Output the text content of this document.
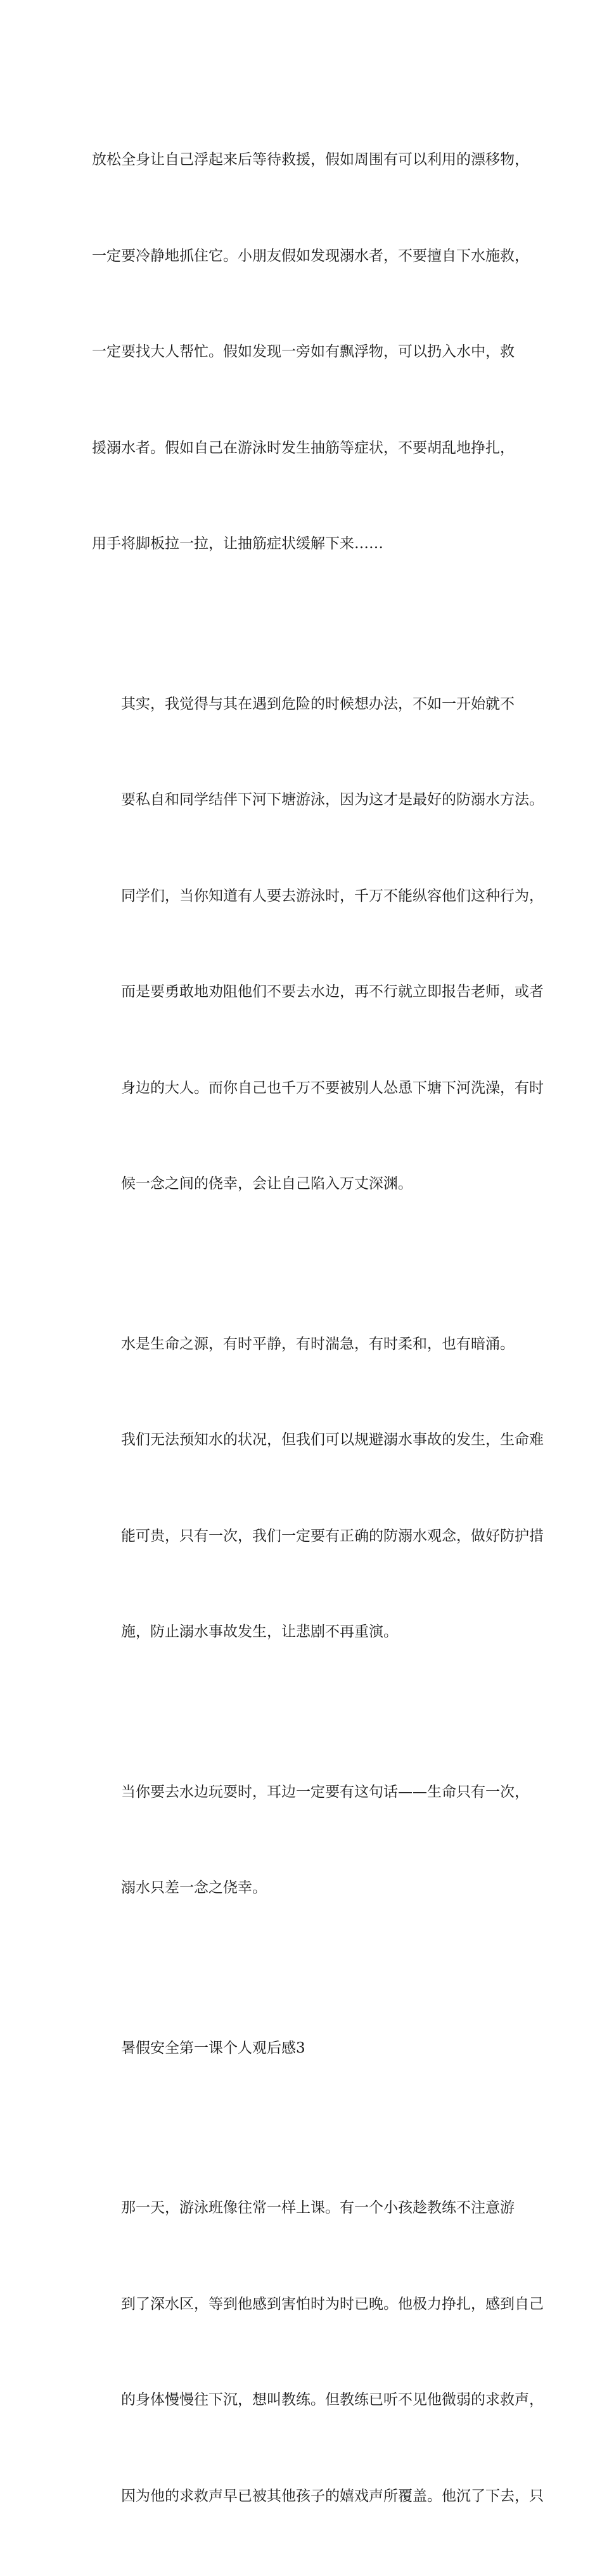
放松全身让自己浮起来后等待救援，假如周围有可以利用的漂移物，

一定要冷静地抓住它。小朋友假如发现溺水者，不要擅自下水施救，

一定要找大人帮忙。假如发现一旁如有飘浮物，可以扔入水中，救

援溺水者。假如自己在游泳时发生抽筋等症状，不要胡乱地挣扎，

用手将脚板拉一拉，让抽筋症状缓解下来……

其实，我觉得与其在遇到危险的时候想办法，不如一开始就不

要私自和同学结伴下河下塘游泳，因为这才是最好的防溺水方法。

同学们，当你知道有人要去游泳时，千万不能纵容他们这种行为，

而是要勇敢地劝阻他们不要去水边，再不行就立即报告老师，或者

身边的大人。而你自己也千万不要被别人怂恿下塘下河洗澡，有时

候一念之间的侥幸，会让自己陷入万丈深渊。

水是生命之源，有时平静，有时湍急，有时柔和，也有暗涌。

我们无法预知水的状况，但我们可以规避溺水事故的发生，生命难

能可贵，只有一次，我们一定要有正确的防溺水观念，做好防护措

施，防止溺水事故发生，让悲剧不再重演。

当你要去水边玩耍时，耳边一定要有这句话——生命只有一次，

溺水只差一念之侥幸。

暑假安全第一课个人观后感3

那一天，游泳班像往常一样上课。有一个小孩趁教练不注意游

到了深水区，等到他感到害怕时为时已晚。他极力挣扎，感到自己

的身体慢慢往下沉，想叫教练。但教练已听不见他微弱的求救声，

因为他的求救声早已被其他孩子的嬉戏声所覆盖。他沉了下去，只
